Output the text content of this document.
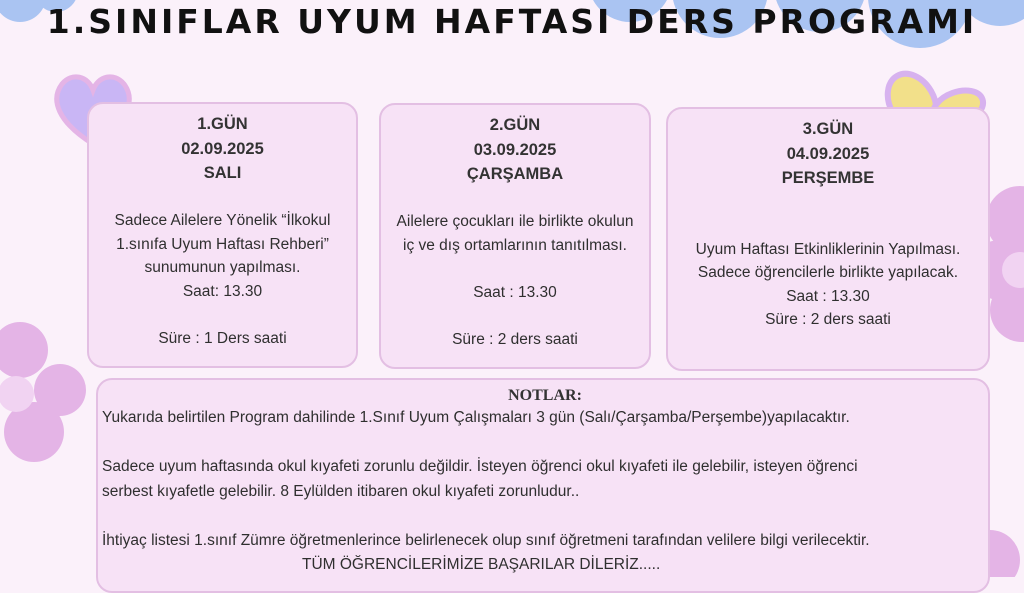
1.SINIFLAR UYUM HAFTASI DERS PROGRAMI
1.GÜN
02.09.2025
SALI
Sadece Ailelere Yönelik “İlkokul
1.sınıfa Uyum Haftası Rehberi”
sunumunun yapılması.
Saat: 13.30
Süre : 1 Ders saati
2.GÜN
03.09.2025
ÇARŞAMBA
Ailelere çocukları ile birlikte okulun
iç ve dış ortamlarının tanıtılması.
Saat : 13.30
Süre : 2 ders saati
3.GÜN
04.09.2025
PERŞEMBE
Uyum Haftası Etkinliklerinin Yapılması.
Sadece öğrencilerle birlikte yapılacak.
Saat : 13.30
Süre : 2 ders saati
NOTLAR:
Yukarıda belirtilen Program dahilinde 1.Sınıf Uyum Çalışmaları 3 gün (Salı/Çarşamba/Perşembe)yapılacaktır.
Sadece uyum haftasında okul kıyafeti zorunlu değildir. İsteyen öğrenci okul kıyafeti ile gelebilir, isteyen öğrenci
serbest kıyafetle gelebilir. 8 Eylülden itibaren okul kıyafeti zorunludur..
İhtiyaç listesi 1.sınıf Zümre öğretmenlerince belirlenecek olup sınıf öğretmeni tarafından velilere bilgi verilecektir.
TÜM ÖĞRENCİLERİMİZE BAŞARILAR DİLERİZ.....
